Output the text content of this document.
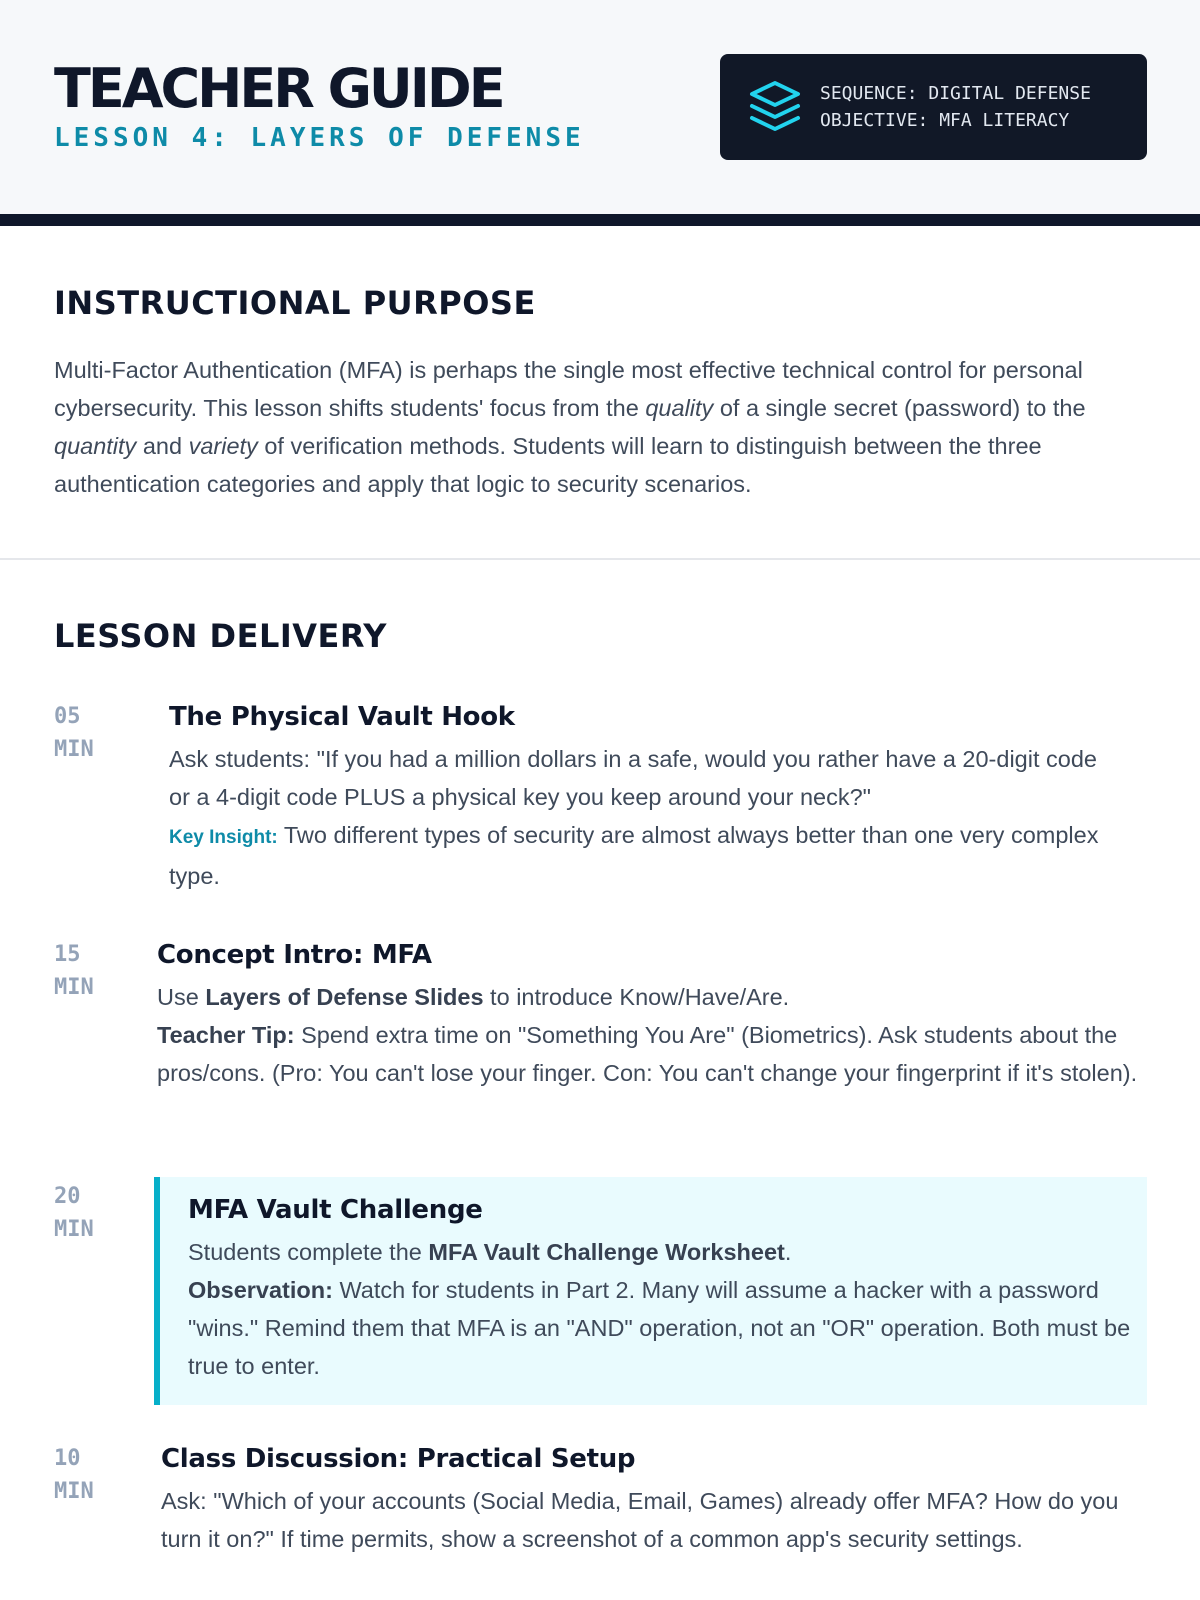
TEACHER GUIDE
LESSON 4: LAYERS OF DEFENSE
SEQUENCE: DIGITAL DEFENSE
OBJECTIVE: MFA LITERACY
INSTRUCTIONAL PURPOSE

Multi-Factor Authentication (MFA) is perhaps the single most effective technical control for personal cybersecurity. This lesson shifts students' focus from the quality of a single secret (password) to the quantity and variety of verification methods. Students will learn to distinguish between the three authentication categories and apply that logic to security scenarios.

LESSON DELIVERY
05
MIN
The Physical Vault Hook
Ask students: "If you had a million dollars in a safe, would you rather have a 20-digit code or a 4-digit code PLUS a physical key you keep around your neck?"
Key Insight: Two different types of security are almost always better than one very complex type.
15
MIN
Concept Intro: MFA
Use Layers of Defense Slides to introduce Know/Have/Are.
Teacher Tip: Spend extra time on "Something You Are" (Biometrics). Ask students about the pros/cons. (Pro: You can't lose your finger. Con: You can't change your fingerprint if it's stolen).
20
MIN
MFA Vault Challenge
Students complete the MFA Vault Challenge Worksheet.
Observation: Watch for students in Part 2. Many will assume a hacker with a password "wins." Remind them that MFA is an "AND" operation, not an "OR" operation. Both must be true to enter.
10
MIN
Class Discussion: Practical Setup
Ask: "Which of your accounts (Social Media, Email, Games) already offer MFA? How do you turn it on?" If time permits, show a screenshot of a common app's security settings.
